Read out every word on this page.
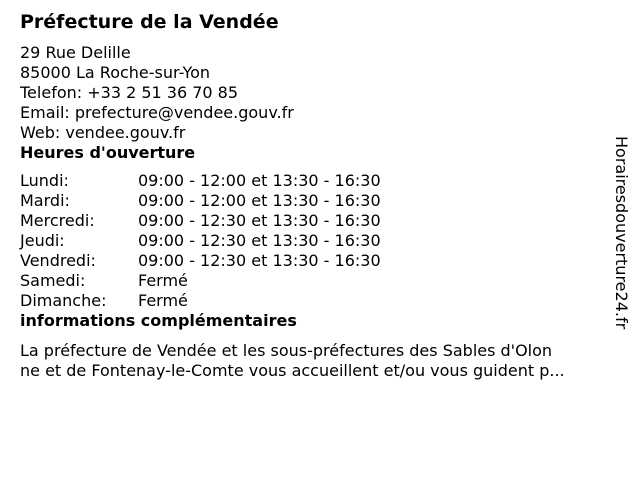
Préfecture de la Vendée
29 Rue Delille
85000 La Roche-sur-Yon
Telefon: +33 2 51 36 70 85
Email: prefecture@vendee.gouv.fr
Web: vendee.gouv.fr
Heures d'ouverture
Lundi:	09:00 - 12:00 et 13:30 - 16:30
Mardi:	09:00 - 12:00 et 13:30 - 16:30
Mercredi:	09:00 - 12:30 et 13:30 - 16:30
Jeudi:	09:00 - 12:30 et 13:30 - 16:30
Vendredi:	09:00 - 12:30 et 13:30 - 16:30
Samedi:	Fermé
Dimanche:	Fermé
informations complémentaires
La préfecture de Vendée et les sous-préfectures des Sables d'Olon
ne et de Fontenay-le-Comte vous accueillent et/ou vous guident p...
Horairesdouverture24.fr
